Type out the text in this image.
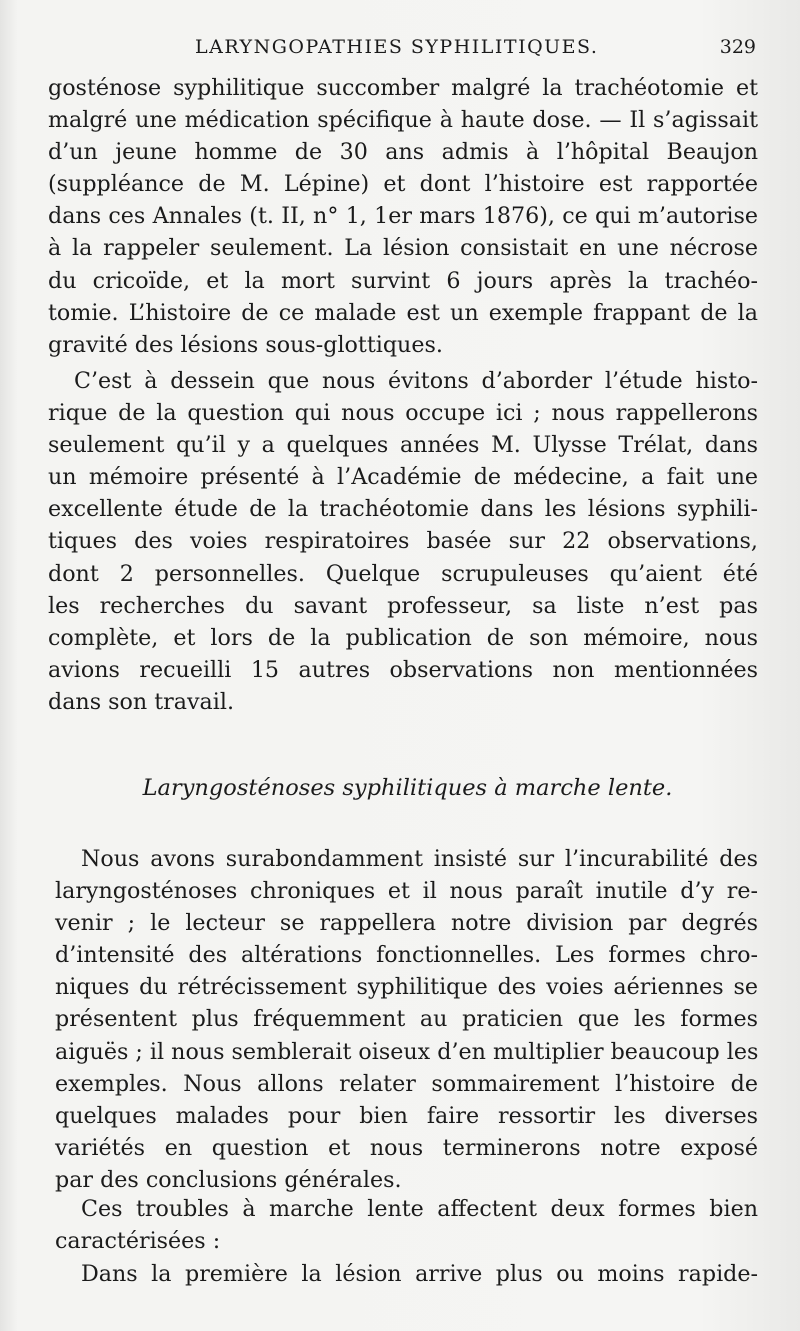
LARYNGOPATHIES SYPHILITIQUES.	329
gosténose syphilitique succomber malgré la trachéotomie et
malgré une médication spécifique à haute dose. — Il s’agissait
d’un jeune homme de 30 ans admis à l’hôpital Beaujon
(suppléance de M. Lépine) et dont l’histoire est rapportée
dans ces Annales (t. II, n° 1, 1er mars 1876), ce qui m’autorise
à la rappeler seulement. La lésion consistait en une nécrose
du cricoïde, et la mort survint 6 jours après la trachéo-
tomie. L’histoire de ce malade est un exemple frappant de la
gravité des lésions sous-glottiques.
C’est à dessein que nous évitons d’aborder l’étude histo-
rique de la question qui nous occupe ici ; nous rappellerons
seulement qu’il y a quelques années M. Ulysse Trélat, dans
un mémoire présenté à l’Académie de médecine, a fait une
excellente étude de la trachéotomie dans les lésions syphili-
tiques des voies respiratoires basée sur 22 observations,
dont 2 personnelles. Quelque scrupuleuses qu’aient été
les recherches du savant professeur, sa liste n’est pas
complète, et lors de la publication de son mémoire, nous
avions recueilli 15 autres observations non mentionnées
dans son travail.
Laryngosténoses syphilitiques à marche lente.
Nous avons surabondamment insisté sur l’incurabilité des
laryngosténoses chroniques et il nous paraît inutile d’y re-
venir ; le lecteur se rappellera notre division par degrés
d’intensité des altérations fonctionnelles. Les formes chro-
niques du rétrécissement syphilitique des voies aériennes se
présentent plus fréquemment au praticien que les formes
aiguës ; il nous semblerait oiseux d’en multiplier beaucoup les
exemples. Nous allons relater sommairement l’histoire de
quelques malades pour bien faire ressortir les diverses
variétés en question et nous terminerons notre exposé
par des conclusions générales.
Ces troubles à marche lente affectent deux formes bien
caractérisées :
Dans la première la lésion arrive plus ou moins rapide-
